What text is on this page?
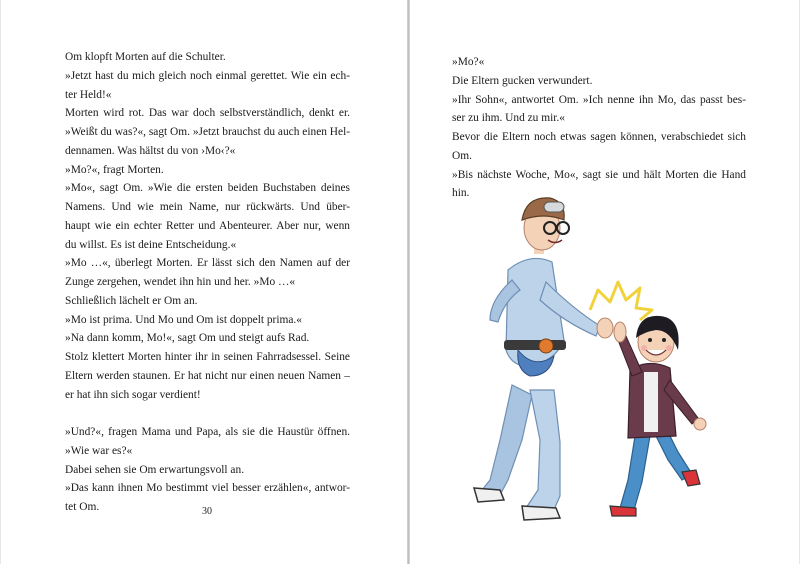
Om klopft Morten auf die Schulter.
»Jetzt hast du mich gleich noch einmal gerettet. Wie ein ech-
ter Held!«
Morten wird rot. Das war doch selbstverständlich, denkt er.
»Weißt du was?«, sagt Om. »Jetzt brauchst du auch einen Hel-
dennamen. Was hältst du von ›Mo‹?«
»Mo?«, fragt Morten.
»Mo«, sagt Om. »Wie die ersten beiden Buchstaben deines
Namens. Und wie mein Name, nur rückwärts. Und über-
haupt wie ein echter Retter und Abenteurer. Aber nur, wenn
du willst. Es ist deine Entscheidung.«
»Mo …«, überlegt Morten. Er lässt sich den Namen auf der
Zunge zergehen, wendet ihn hin und her. »Mo …«
Schließlich lächelt er Om an.
»Mo ist prima. Und Mo und Om ist doppelt prima.«
»Na dann komm, Mo!«, sagt Om und steigt aufs Rad.
Stolz klettert Morten hinter ihr in seinen Fahrradsessel. Seine
Eltern werden staunen. Er hat nicht nur einen neuen Namen –
er hat ihn sich sogar verdient!
»Und?«, fragen Mama und Papa, als sie die Haustür öffnen.
»Wie war es?«
Dabei sehen sie Om erwartungsvoll an.
»Das kann ihnen Mo bestimmt viel besser erzählen«, antwor-
tet Om.	30
»Mo?«
Die Eltern gucken verwundert.
»Ihr Sohn«, antwortet Om. »Ich nenne ihn Mo, das passt bes-
ser zu ihm. Und zu mir.«
Bevor die Eltern noch etwas sagen können, verabschiedet sich
Om.
»Bis nächste Woche, Mo«, sagt sie und hält Morten die Hand
hin.
